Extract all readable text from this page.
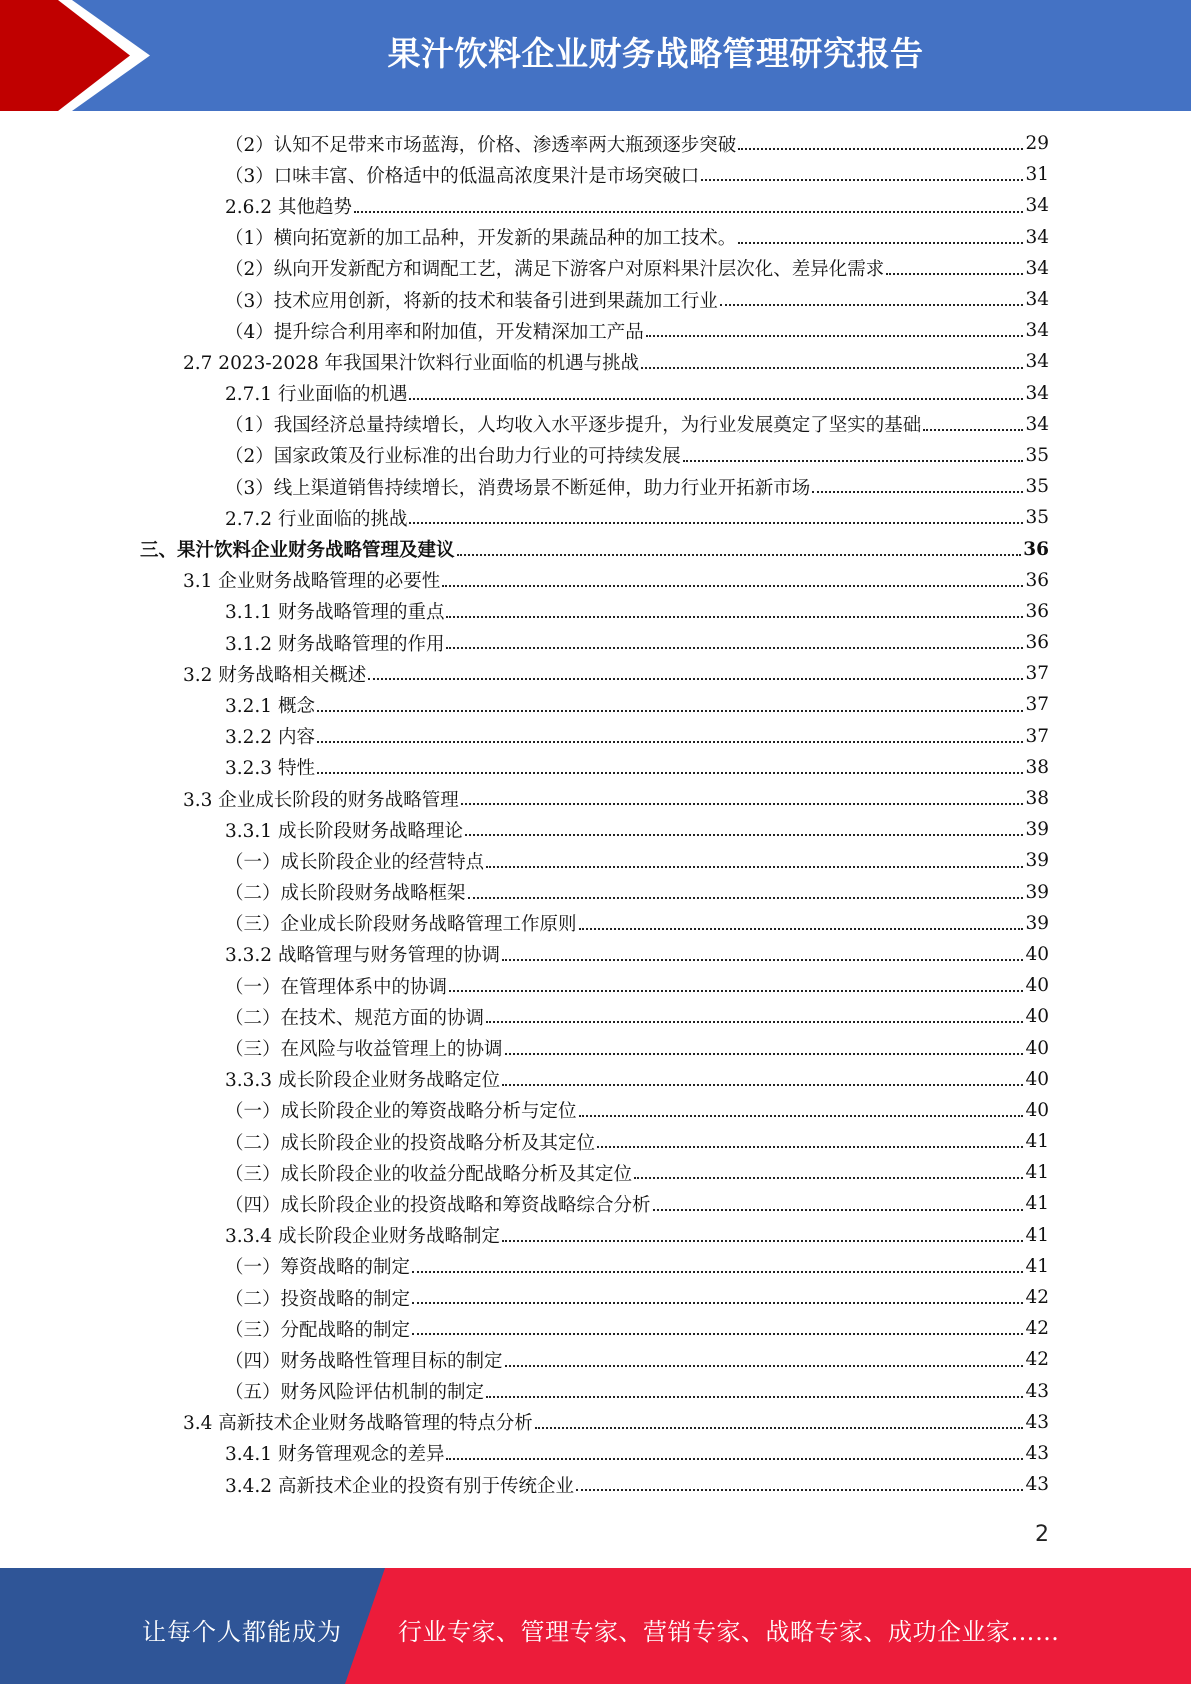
果汁饮料企业财务战略管理研究报告
（2）认知不足带来市场蓝海，价格、渗透率两大瓶颈逐步突破	29
（3）口味丰富、价格适中的低温高浓度果汁是市场突破口	31
2.6.2 其他趋势	34
（1）横向拓宽新的加工品种，开发新的果蔬品种的加工技术。	34
（2）纵向开发新配方和调配工艺，满足下游客户对原料果汁层次化、差异化需求	34
（3）技术应用创新，将新的技术和装备引进到果蔬加工行业	34
（4）提升综合利用率和附加值，开发精深加工产品	34
2.7 2023-2028 年我国果汁饮料行业面临的机遇与挑战	34
2.7.1 行业面临的机遇	34
（1）我国经济总量持续增长，人均收入水平逐步提升，为行业发展奠定了坚实的基础	34
（2）国家政策及行业标准的出台助力行业的可持续发展	35
（3）线上渠道销售持续增长，消费场景不断延伸，助力行业开拓新市场	35
2.7.2 行业面临的挑战	35
三、果汁饮料企业财务战略管理及建议	36
3.1 企业财务战略管理的必要性	36
3.1.1 财务战略管理的重点	36
3.1.2 财务战略管理的作用	36
3.2 财务战略相关概述	37
3.2.1 概念	37
3.2.2 内容	37
3.2.3 特性	38
3.3 企业成长阶段的财务战略管理	38
3.3.1 成长阶段财务战略理论	39
（一）成长阶段企业的经营特点	39
（二）成长阶段财务战略框架	39
（三）企业成长阶段财务战略管理工作原则	39
3.3.2 战略管理与财务管理的协调	40
（一）在管理体系中的协调	40
（二）在技术、规范方面的协调	40
（三）在风险与收益管理上的协调	40
3.3.3 成长阶段企业财务战略定位	40
（一）成长阶段企业的筹资战略分析与定位	40
（二）成长阶段企业的投资战略分析及其定位	41
（三）成长阶段企业的收益分配战略分析及其定位	41
（四）成长阶段企业的投资战略和筹资战略综合分析	41
3.3.4 成长阶段企业财务战略制定	41
（一）筹资战略的制定	41
（二）投资战略的制定	42
（三）分配战略的制定	42
（四）财务战略性管理目标的制定	42
（五）财务风险评估机制的制定	43
3.4 高新技术企业财务战略管理的特点分析	43
3.4.1 财务管理观念的差异	43
3.4.2 高新技术企业的投资有别于传统企业	43
2
让每个人都能成为 行业专家、管理专家、营销专家、战略专家、成功企业家……
